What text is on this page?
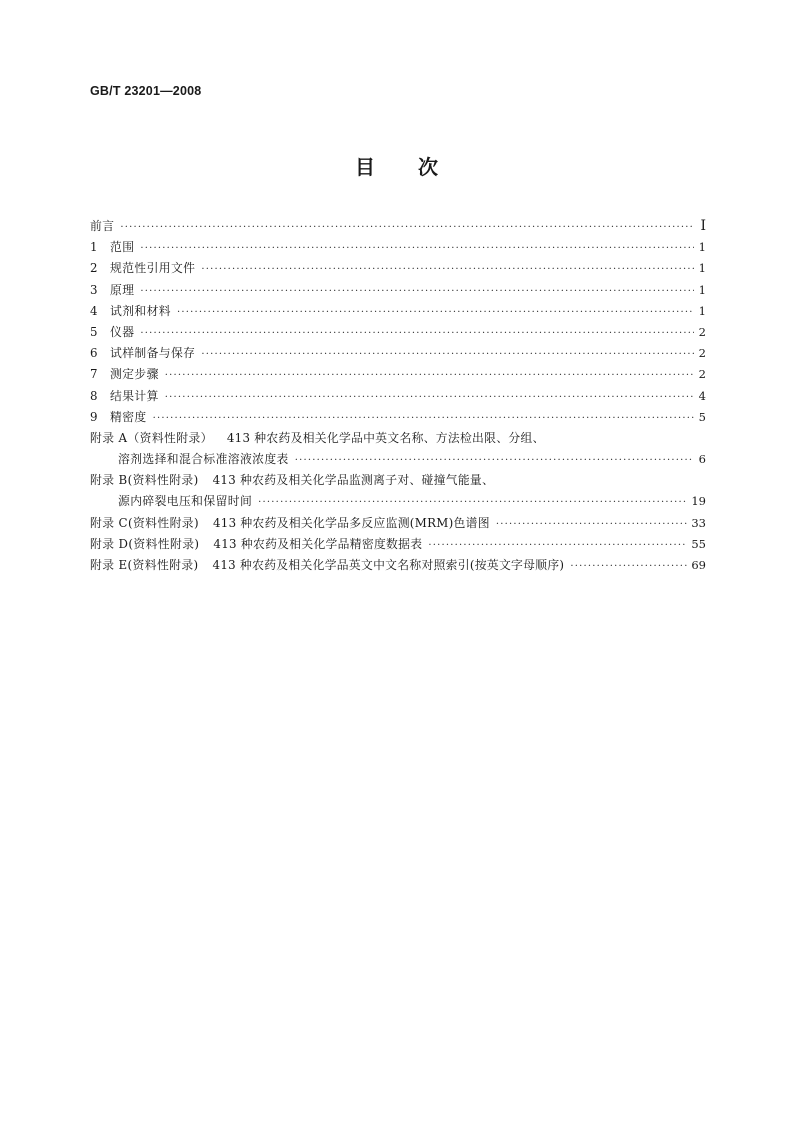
GB/T 23201—2008
目 次
前言 ·····	Ⅰ
1	范围 ·····	1
2	规范性引用文件 ·····	1
3	原理 ·····	1
4	试剂和材料 ·····	1
5	仪器 ·····	2
6	试样制备与保存 ·····	2
7	测定步骤 ·····	2
8	结果计算 ·····	4
9	精密度 ·····	5
附录 A（资料性附录）	413 种农药及相关化学品中英文名称、方法检出限、分组、
溶剂选择和混合标准溶液浓度表 ·····	6
附录 B(资料性附录)	413 种农药及相关化学品监测离子对、碰撞气能量、
源内碎裂电压和保留时间 ·····	19
附录 C(资料性附录)	413 种农药及相关化学品多反应监测(MRM)色谱图 ·····	33
附录 D(资料性附录)	413 种农药及相关化学品精密度数据表 ·····	55
附录 E(资料性附录)	413 种农药及相关化学品英文中文名称对照索引(按英文字母顺序) ·····	69
